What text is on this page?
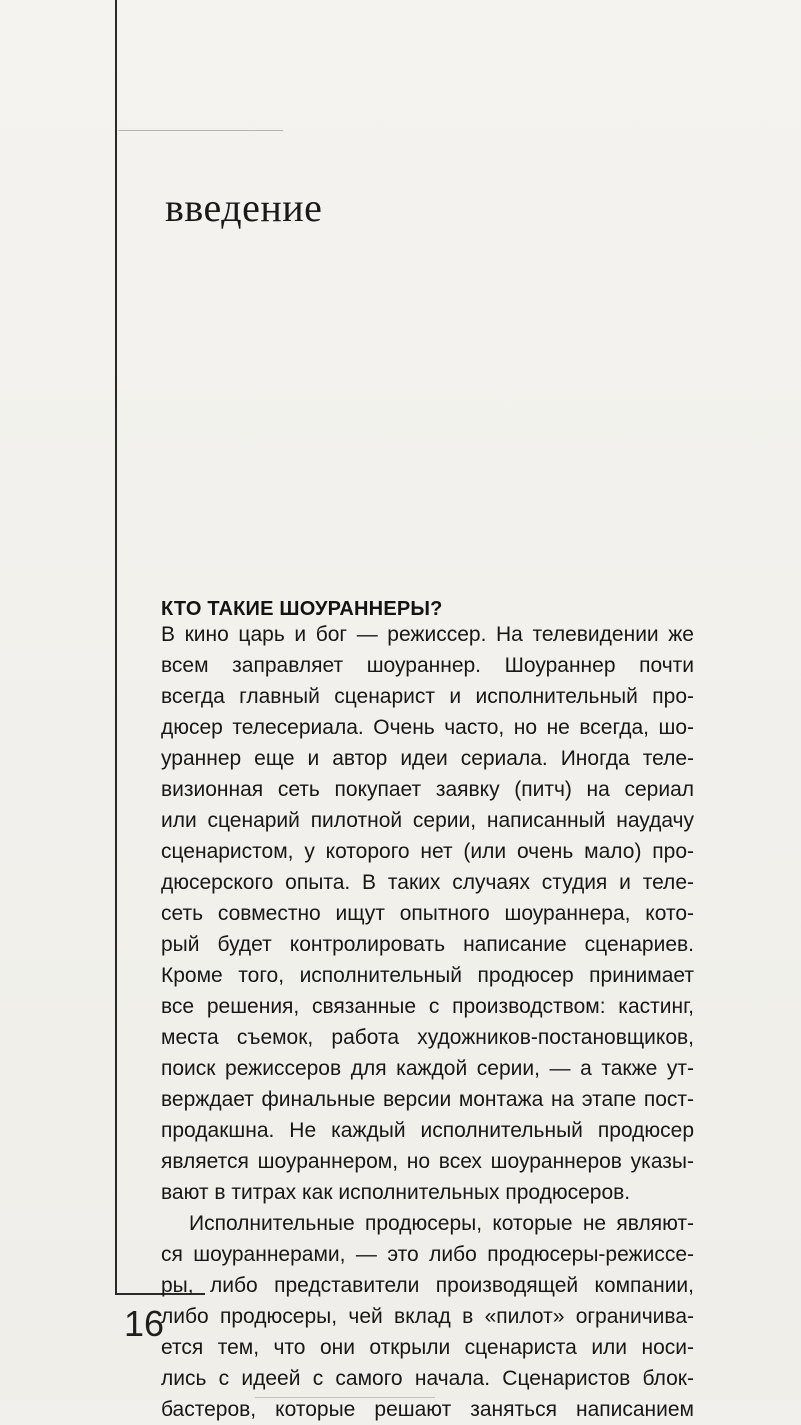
введение
КТО ТАКИЕ ШОУРАННЕРЫ?
В кино царь и бог — режиссер. На телевидении же
всем заправляет шоураннер. Шоураннер почти
всегда главный сценарист и исполнительный про-
дюсер телесериала. Очень часто, но не всегда, шо-
ураннер еще и автор идеи сериала. Иногда теле-
визионная сеть покупает заявку (питч) на сериал
или сценарий пилотной серии, написанный наудачу
сценаристом, у которого нет (или очень мало) про-
дюсерского опыта. В таких случаях студия и теле-
сеть совместно ищут опытного шоураннера, кото-
рый будет контролировать написание сценариев.
Кроме того, исполнительный продюсер принимает
все решения, связанные с производством: кастинг,
места съемок, работа художников-постановщиков,
поиск режиссеров для каждой серии, — а также ут-
верждает финальные версии монтажа на этапе пост-
продакшна. Не каждый исполнительный продюсер
является шоураннером, но всех шоураннеров указы-
вают в титрах как исполнительных продюсеров.
Исполнительные продюсеры, которые не являют-
ся шоураннерами, — это либо продюсеры-режиссе-
ры, либо представители производящей компании,
либо продюсеры, чей вклад в «пилот» ограничива-
ется тем, что они открыли сценариста или носи-
лись с идеей с самого начала. Сценаристов блок-
бастеров, которые решают заняться написанием
16
